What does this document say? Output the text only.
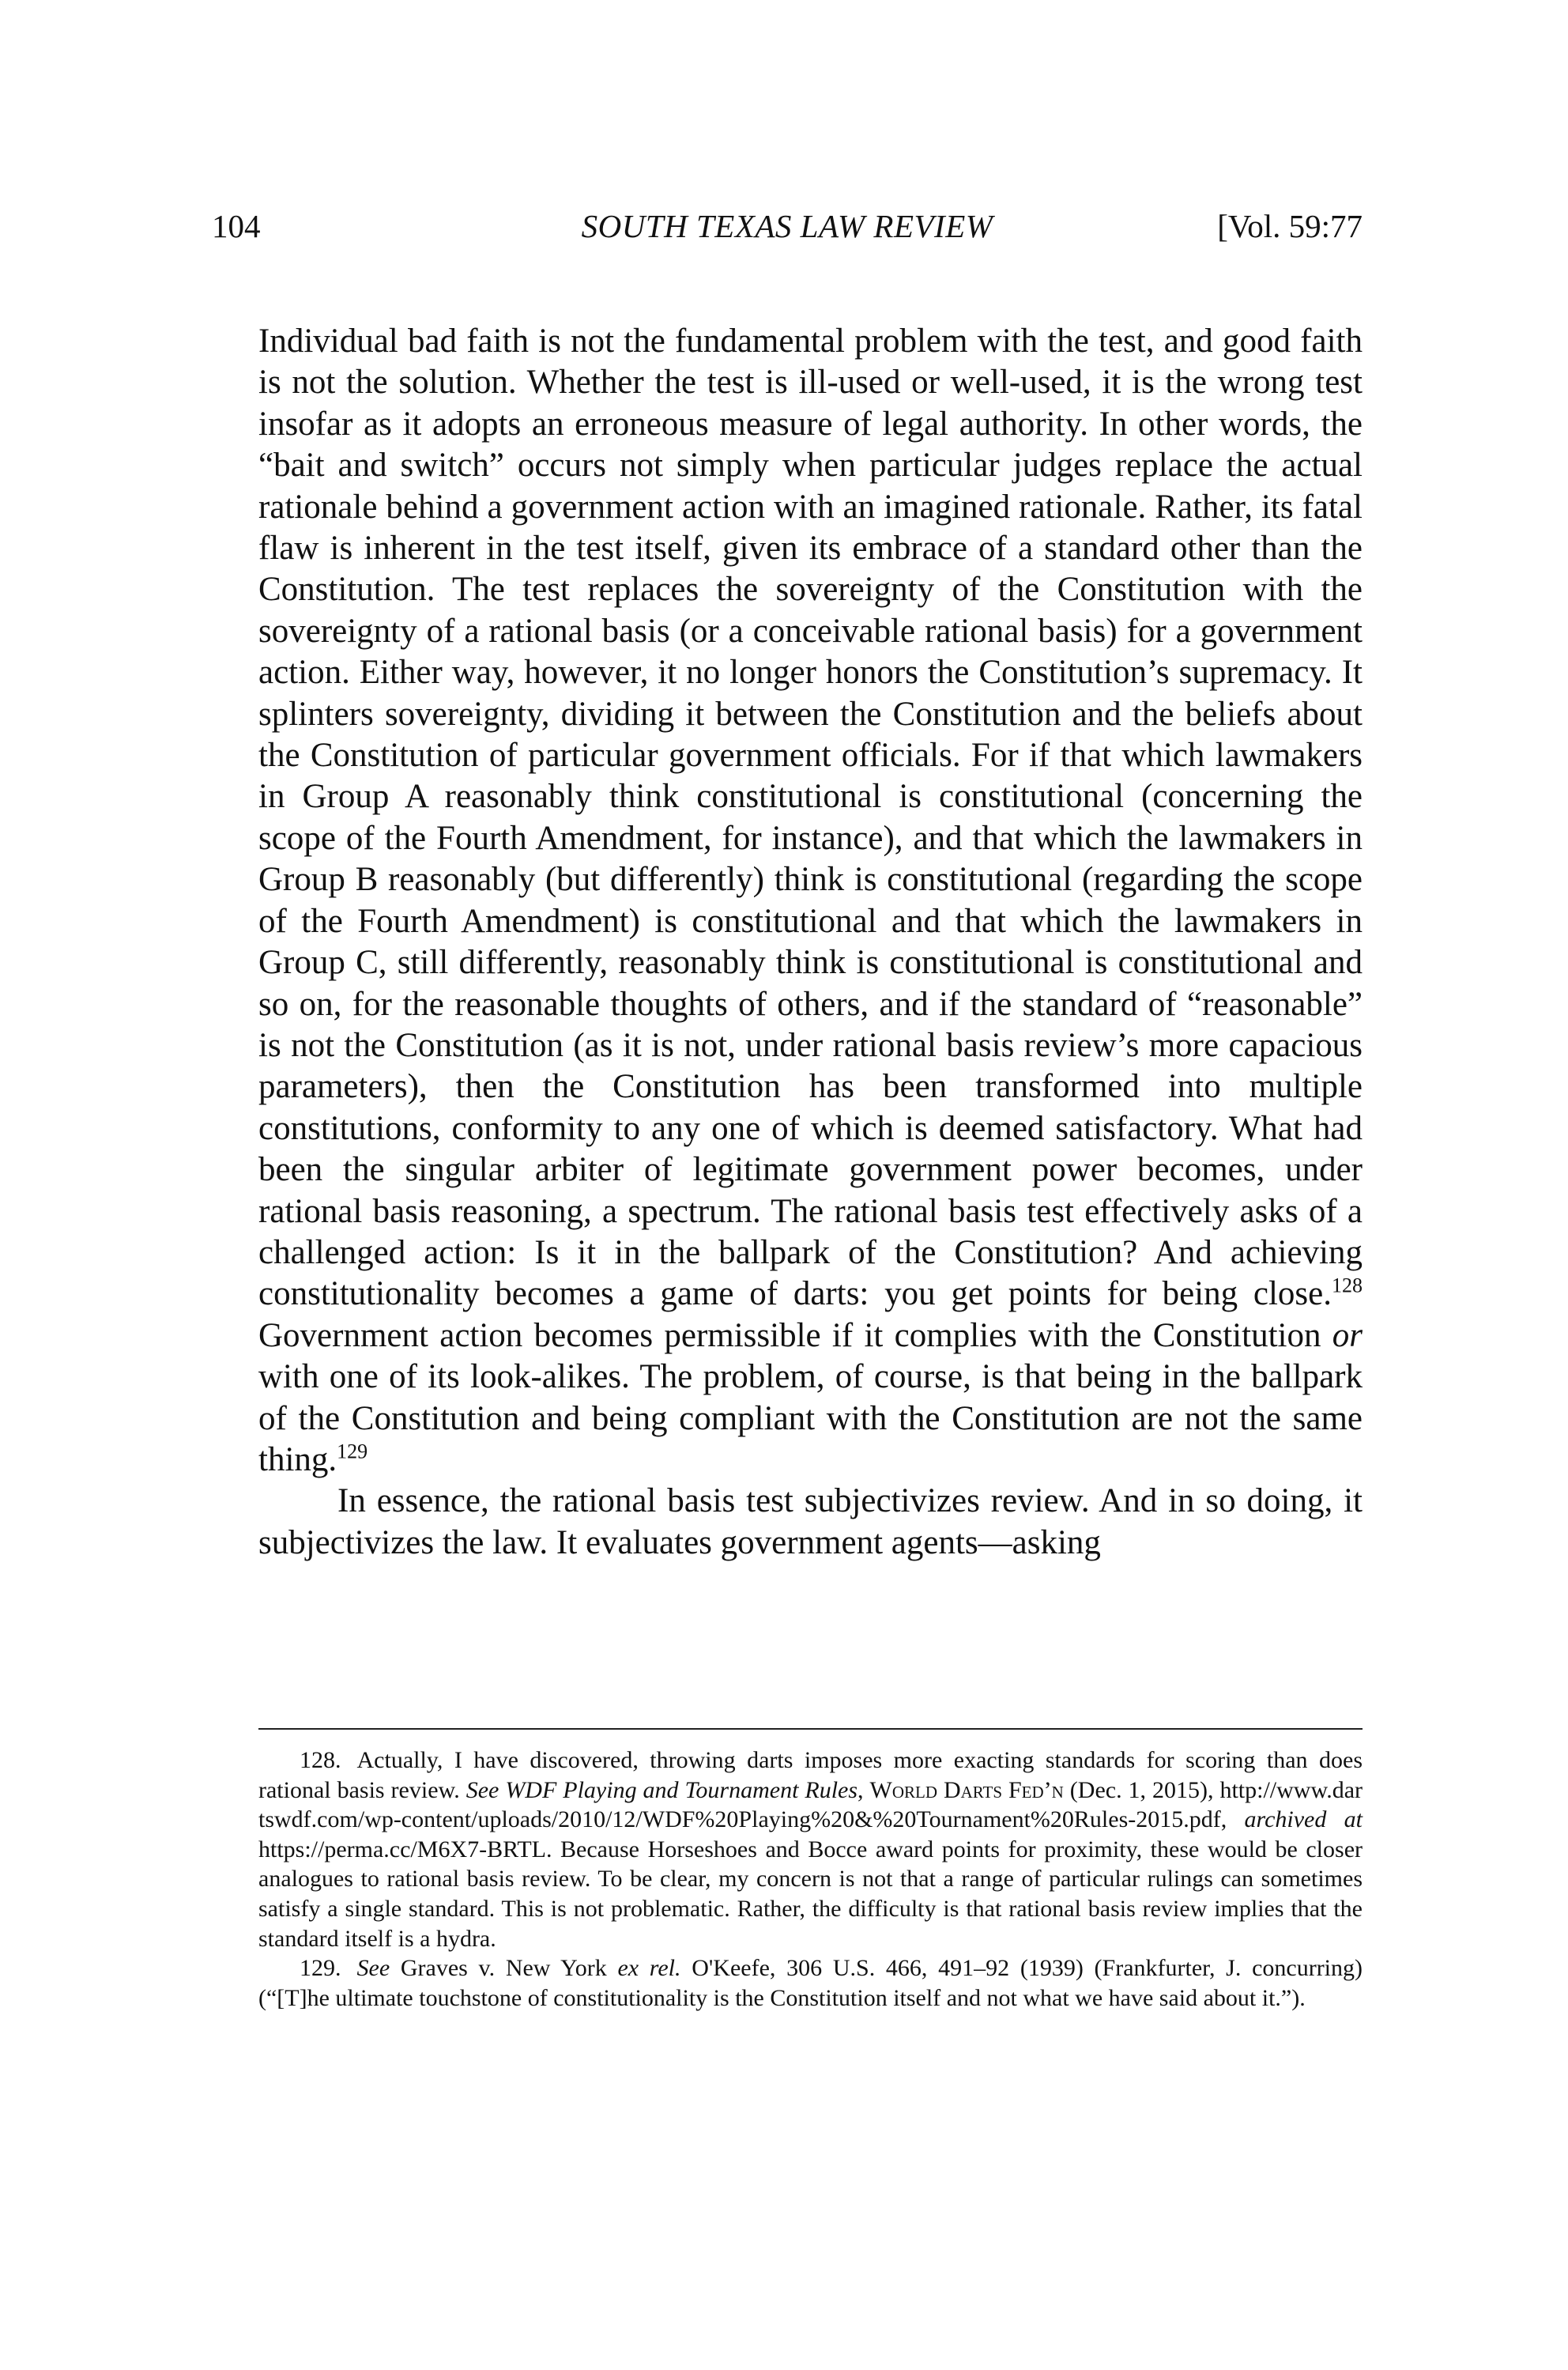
104	SOUTH TEXAS LAW REVIEW	[Vol. 59:77

Individual bad faith is not the fundamental problem with the test, and good faith is not the solution. Whether the test is ill-used or well-used, it is the wrong test insofar as it adopts an erroneous measure of legal authority. In other words, the “bait and switch” occurs not simply when particular judges replace the actual rationale behind a government action with an imagined rationale. Rather, its fatal flaw is inherent in the test itself, given its embrace of a standard other than the Constitution. The test replaces the sovereignty of the Constitution with the sovereignty of a rational basis (or a conceivable rational basis) for a government action. Either way, however, it no longer honors the Constitution’s supremacy. It splinters sovereignty, dividing it between the Constitution and the beliefs about the Constitution of particular government officials. For if that which lawmakers in Group A reasonably think constitutional is constitutional (concerning the scope of the Fourth Amendment, for instance), and that which the lawmakers in Group B reasonably (but differently) think is constitutional (regarding the scope of the Fourth Amendment) is constitutional and that which the lawmakers in Group C, still differently, reasonably think is constitutional is constitutional and so on, for the reasonable thoughts of others, and if the standard of “reasonable” is not the Constitution (as it is not, under rational basis review’s more capacious parameters), then the Constitution has been transformed into multiple constitutions, conformity to any one of which is deemed satisfactory. What had been the singular arbiter of legitimate government power becomes, under rational basis reasoning, a spectrum. The rational basis test effectively asks of a challenged action: Is it in the ballpark of the Constitution? And achieving constitutionality becomes a game of darts: you get points for being close.$^{128}$ Government action becomes permissible if it complies with the Constitution or with one of its look-alikes. The problem, of course, is that being in the ballpark of the Constitution and being compliant with the Constitution are not the same thing.$^{129}$

In essence, the rational basis test subjectivizes review. And in so doing, it subjectivizes the law. It evaluates government agents—asking

128. Actually, I have discovered, throwing darts imposes more exacting standards for scoring than does rational basis review. See WDF Playing and Tournament Rules, World Darts Fed’n (Dec. 1, 2015), http://www.dartswdf.com/wp-content/uploads/2010/12/WDF%20Playing%20&%20Tournament%20Rules-2015.pdf, archived at https://perma.cc/M6X7-BRTL. Because Horseshoes and Bocce award points for proximity, these would be closer analogues to rational basis review. To be clear, my concern is not that a range of particular rulings can sometimes satisfy a single standard. This is not problematic. Rather, the difficulty is that rational basis review implies that the standard itself is a hydra.

129. See Graves v. New York ex rel. O'Keefe, 306 U.S. 466, 491–92 (1939) (Frankfurter, J. concurring) (“[T]he ultimate touchstone of constitutionality is the Constitution itself and not what we have said about it.”).
